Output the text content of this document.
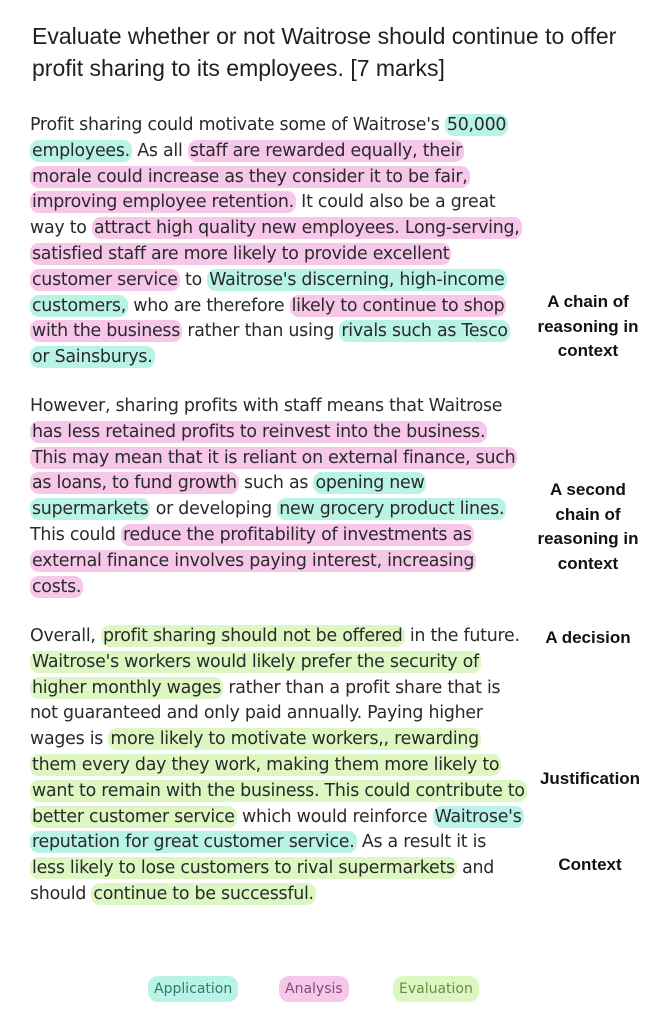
Evaluate whether or not Waitrose should continue to offer profit sharing to its employees. [7 marks]
Profit sharing could motivate some of Waitrose's 50,000 employees. As all staff are rewarded equally, their morale could increase as they consider it to be fair, improving employee retention. It could also be a great way to attract high quality new employees. Long-serving, satisfied staff are more likely to provide excellent customer service to Waitrose's discerning, high-income customers, who are therefore likely to continue to shop with the business rather than using rivals such as Tesco or Sainsburys.
However, sharing profits with staff means that Waitrose has less retained profits to reinvest into the business. This may mean that it is reliant on external finance, such as loans, to fund growth such as opening new supermarkets or developing new grocery product lines. This could reduce the profitability of investments as external finance involves paying interest, increasing costs.
Overall, profit sharing should not be offered in the future. Waitrose's workers would likely prefer the security of higher monthly wages rather than a profit share that is not guaranteed and only paid annually. Paying higher wages is more likely to motivate workers,, rewarding them every day they work, making them more likely to want to remain with the business. This could contribute to better customer service which would reinforce Waitrose's reputation for great customer service. As a result it is less likely to lose customers to rival supermarkets and should continue to be successful.
A chain of reasoning in context
A second chain of reasoning in context
A decision
Justification
Context
Application	Analysis	Evaluation
